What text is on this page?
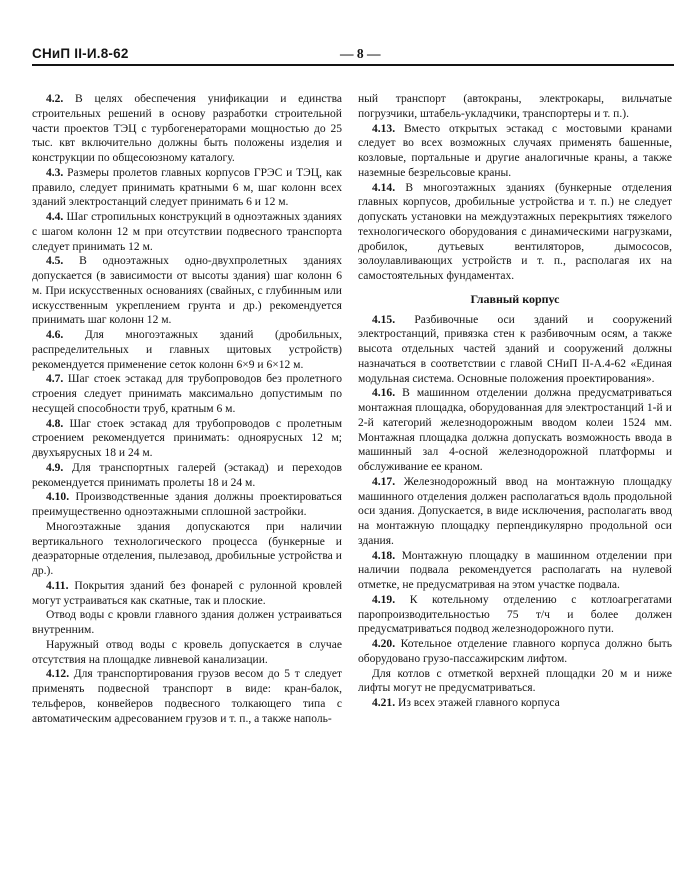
СНиП II-И.8-62	— 8 —

4.2. В целях обеспечения унификации и единства строительных решений в основу разработки строительной части проектов ТЭЦ с турбогенераторами мощностью до 25 тыс. квт включительно должны быть положены изделия и конструкции по общесоюзному каталогу.

4.3. Размеры пролетов главных корпусов ГРЭС и ТЭЦ, как правило, следует принимать кратными 6 м, шаг колонн всех зданий электростанций следует принимать 6 и 12 м.

4.4. Шаг стропильных конструкций в одноэтажных зданиях с шагом колонн 12 м при отсутствии подвесного транспорта следует принимать 12 м.

4.5. В одноэтажных одно-двухпролетных зданиях допускается (в зависимости от высоты здания) шаг колонн 6 м. При искусственных основаниях (свайных, с глубинным или искусственным укреплением грунта и др.) рекомендуется принимать шаг колонн 12 м.

4.6. Для многоэтажных зданий (дробильных, распределительных и главных щитовых устройств) рекомендуется применение сеток колонн 6×9 и 6×12 м.

4.7. Шаг стоек эстакад для трубопроводов без пролетного строения следует принимать максимально допустимым по несущей способности труб, кратным 6 м.

4.8. Шаг стоек эстакад для трубопроводов с пролетным строением рекомендуется принимать: одноярусных 12 м; двухъярусных 18 и 24 м.

4.9. Для транспортных галерей (эстакад) и переходов рекомендуется принимать пролеты 18 и 24 м.

4.10. Производственные здания должны проектироваться преимущественно одноэтажными сплошной застройки.

Многоэтажные здания допускаются при наличии вертикального технологического процесса (бункерные и деаэраторные отделения, пылезавод, дробильные устройства и др.).

4.11. Покрытия зданий без фонарей с рулонной кровлей могут устраиваться как скатные, так и плоские.

Отвод воды с кровли главного здания должен устраиваться внутренним.

Наружный отвод воды с кровель допускается в случае отсутствия на площадке ливневой канализации.

4.12. Для транспортирования грузов весом до 5 т следует применять подвесной транспорт в виде: кран-балок, тельферов, конвейеров подвесного толкающего типа с автоматическим адресованием грузов и т. п., а также наполь-

ный транспорт (автокраны, электрокары, вильчатые погрузчики, штабель-укладчики, транспортеры и т. п.).

4.13. Вместо открытых эстакад с мостовыми кранами следует во всех возможных случаях применять башенные, козловые, портальные и другие аналогичные краны, а также наземные безрельсовые краны.

4.14. В многоэтажных зданиях (бункерные отделения главных корпусов, дробильные устройства и т. п.) не следует допускать установки на междуэтажных перекрытиях тяжелого технологического оборудования с динамическими нагрузками, дробилок, дутьевых вентиляторов, дымососов, золоулавливающих устройств и т. п., располагая их на самостоятельных фундаментах.

Главный корпус

4.15. Разбивочные оси зданий и сооружений электростанций, привязка стен к разбивочным осям, а также высота отдельных частей зданий и сооружений должны назначаться в соответствии с главой СНиП II-А.4-62 «Единая модульная система. Основные положения проектирования».

4.16. В машинном отделении должна предусматриваться монтажная площадка, оборудованная для электростанций 1-й и 2-й категорий железнодорожным вводом колеи 1524 мм. Монтажная площадка должна допускать возможность ввода в машинный зал 4-осной железнодорожной платформы и обслуживание ее краном.

4.17. Железнодорожный ввод на монтажную площадку машинного отделения должен располагаться вдоль продольной оси здания. Допускается, в виде исключения, располагать ввод на монтажную площадку перпендикулярно продольной оси здания.

4.18. Монтажную площадку в машинном отделении при наличии подвала рекомендуется располагать на нулевой отметке, не предусматривая на этом участке подвала.

4.19. К котельному отделению с котлоагрегатами паропроизводительностью 75 т/ч и более должен предусматриваться подвод железнодорожного пути.

4.20. Котельное отделение главного корпуса должно быть оборудовано грузо-пассажирским лифтом.

Для котлов с отметкой верхней площадки 20 м и ниже лифты могут не предусматриваться.

4.21. Из всех этажей главного корпуса
